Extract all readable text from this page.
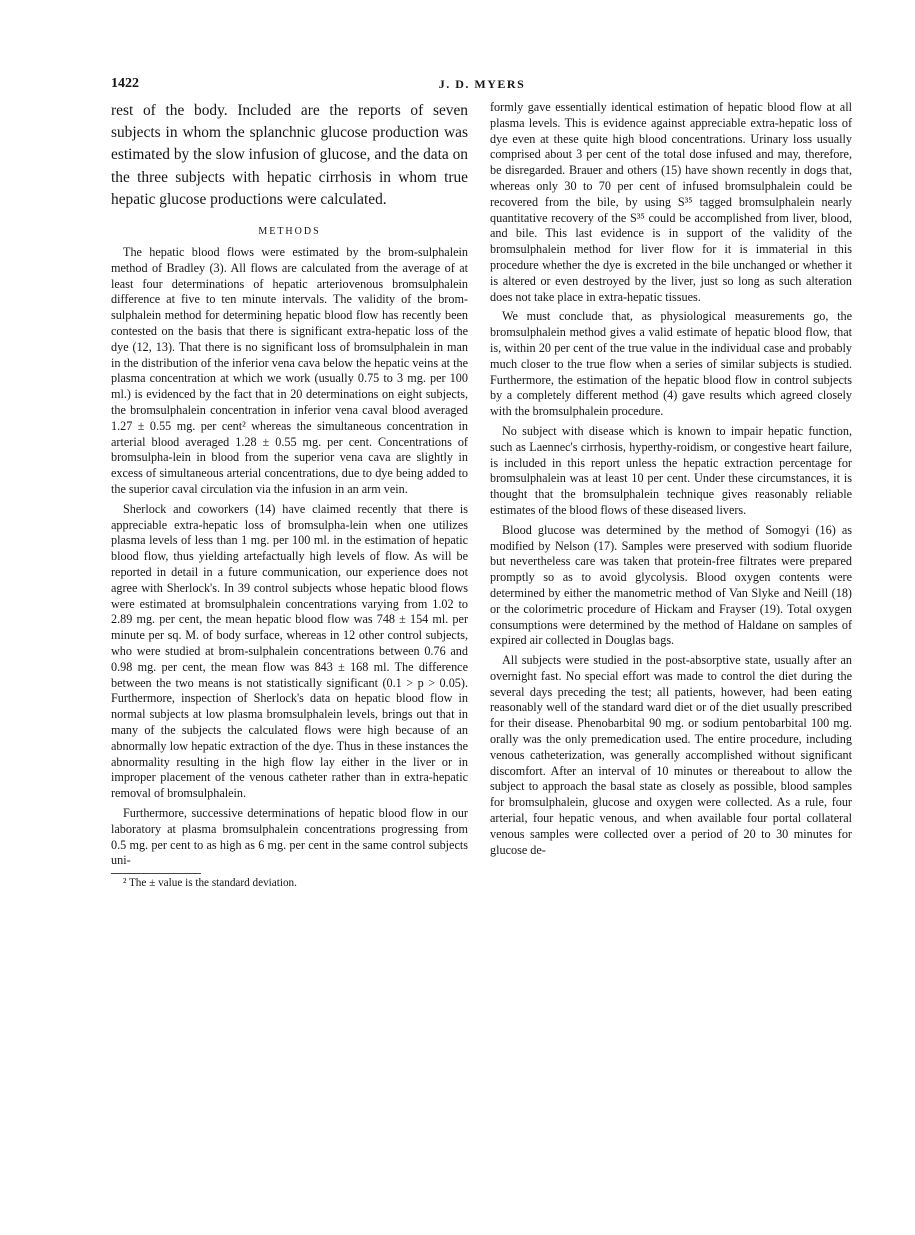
1422	J. D. MYERS

rest of the body. Included are the reports of seven subjects in whom the splanchnic glucose production was estimated by the slow infusion of glucose, and the data on the three subjects with hepatic cirrhosis in whom true hepatic glucose productions were calculated.

METHODS

The hepatic blood flows were estimated by the brom-sulphalein method of Bradley (3). All flows are calculated from the average of at least four determinations of hepatic arteriovenous bromsulphalein difference at five to ten minute intervals. The validity of the brom-sulphalein method for determining hepatic blood flow has recently been contested on the basis that there is significant extra-hepatic loss of the dye (12, 13). That there is no significant loss of bromsulphalein in man in the distribution of the inferior vena cava below the hepatic veins at the plasma concentration at which we work (usually 0.75 to 3 mg. per 100 ml.) is evidenced by the fact that in 20 determinations on eight subjects, the bromsulphalein concentration in inferior vena caval blood averaged 1.27 ± 0.55 mg. per cent² whereas the simultaneous concentration in arterial blood averaged 1.28 ± 0.55 mg. per cent. Concentrations of bromsulpha-lein in blood from the superior vena cava are slightly in excess of simultaneous arterial concentrations, due to dye being added to the superior caval circulation via the infusion in an arm vein.

Sherlock and coworkers (14) have claimed recently that there is appreciable extra-hepatic loss of bromsulpha-lein when one utilizes plasma levels of less than 1 mg. per 100 ml. in the estimation of hepatic blood flow, thus yielding artefactually high levels of flow. As will be reported in detail in a future communication, our experience does not agree with Sherlock's. In 39 control subjects whose hepatic blood flows were estimated at bromsulphalein concentrations varying from 1.02 to 2.89 mg. per cent, the mean hepatic blood flow was 748 ± 154 ml. per minute per sq. M. of body surface, whereas in 12 other control subjects, who were studied at brom-sulphalein concentrations between 0.76 and 0.98 mg. per cent, the mean flow was 843 ± 168 ml. The difference between the two means is not statistically significant (0.1 > p > 0.05). Furthermore, inspection of Sherlock's data on hepatic blood flow in normal subjects at low plasma bromsulphalein levels, brings out that in many of the subjects the calculated flows were high because of an abnormally low hepatic extraction of the dye. Thus in these instances the abnormality resulting in the high flow lay either in the liver or in improper placement of the venous catheter rather than in extra-hepatic removal of bromsulphalein.

Furthermore, successive determinations of hepatic blood flow in our laboratory at plasma bromsulphalein concentrations progressing from 0.5 mg. per cent to as high as 6 mg. per cent in the same control subjects uni-

² The ± value is the standard deviation.

formly gave essentially identical estimation of hepatic blood flow at all plasma levels. This is evidence against appreciable extra-hepatic loss of dye even at these quite high blood concentrations. Urinary loss usually comprised about 3 per cent of the total dose infused and may, therefore, be disregarded. Brauer and others (15) have shown recently in dogs that, whereas only 30 to 70 per cent of infused bromsulphalein could be recovered from the bile, by using S³⁵ tagged bromsulphalein nearly quantitative recovery of the S³⁵ could be accomplished from liver, blood, and bile. This last evidence is in support of the validity of the bromsulphalein method for liver flow for it is immaterial in this procedure whether the dye is excreted in the bile unchanged or whether it is altered or even destroyed by the liver, just so long as such alteration does not take place in extra-hepatic tissues.

We must conclude that, as physiological measurements go, the bromsulphalein method gives a valid estimate of hepatic blood flow, that is, within 20 per cent of the true value in the individual case and probably much closer to the true flow when a series of similar subjects is studied. Furthermore, the estimation of the hepatic blood flow in control subjects by a completely different method (4) gave results which agreed closely with the bromsulphalein procedure.

No subject with disease which is known to impair hepatic function, such as Laennec's cirrhosis, hyperthy-roidism, or congestive heart failure, is included in this report unless the hepatic extraction percentage for bromsulphalein was at least 10 per cent. Under these circumstances, it is thought that the bromsulphalein technique gives reasonably reliable estimates of the blood flows of these diseased livers.

Blood glucose was determined by the method of Somogyi (16) as modified by Nelson (17). Samples were preserved with sodium fluoride but nevertheless care was taken that protein-free filtrates were prepared promptly so as to avoid glycolysis. Blood oxygen contents were determined by either the manometric method of Van Slyke and Neill (18) or the colorimetric procedure of Hickam and Frayser (19). Total oxygen consumptions were determined by the method of Haldane on samples of expired air collected in Douglas bags.

All subjects were studied in the post-absorptive state, usually after an overnight fast. No special effort was made to control the diet during the several days preceding the test; all patients, however, had been eating reasonably well of the standard ward diet or of the diet usually prescribed for their disease. Phenobarbital 90 mg. or sodium pentobarbital 100 mg. orally was the only premedication used. The entire procedure, including venous catheterization, was generally accomplished without significant discomfort. After an interval of 10 minutes or thereabout to allow the subject to approach the basal state as closely as possible, blood samples for bromsulphalein, glucose and oxygen were collected. As a rule, four arterial, four hepatic venous, and when available four portal collateral venous samples were collected over a period of 20 to 30 minutes for glucose de-
